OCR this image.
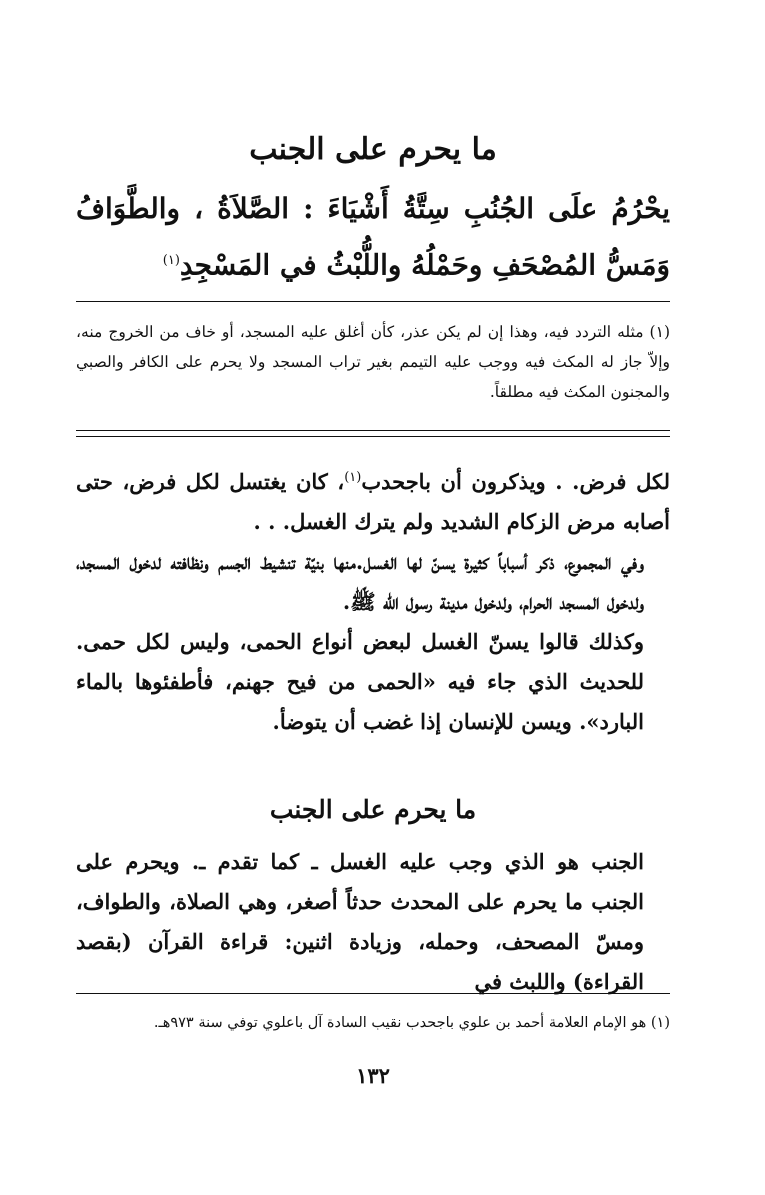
ما يحرم على الجنب
يحْرُمُ علَى الجُنُبِ سِتَّةُ أَشْيَاءَ : الصَّلاَةُ ، والطَّوَافُ وَمَسُّ المُصْحَفِ وحَمْلُهُ واللُّبْثُ في المَسْجِدِ$^{(١)}$
(١) مثله التردد فيه، وهذا إن لم يكن عذر، كأن أغلق عليه المسجد، أو خاف من الخروج منه، وإلاّ جاز له المكث فيه ووجب عليه التيمم بغير تراب المسجد ولا يحرم على الكافر والصبي والمجنون المكث فيه مطلقاً.

لكل فرض. . ويذكرون أن باجحدب$^{(١)}$، كان يغتسل لكل فرض، حتى أصابه مرض الزكام الشديد ولم يترك الغسل. . .

وفي المجموع، ذكر أسباباً كثيرة يسنّ لها الغسل.منها بنيّة تنشيط الجسم ونظافته لدخول المسجد، ولدخول المسجد الحرام، ولدخول مدينة رسول الله ﷺ.

وكذلك قالوا يسنّ الغسل لبعض أنواع الحمى، وليس لكل حمى. للحديث الذي جاء فيه «الحمى من فيح جهنم، فأطفئوها بالماء البارد». ويسن للإنسان إذا غضب أن يتوضأ.

ما يحرم على الجنب

الجنب هو الذي وجب عليه الغسل ـ كما تقدم ـ. ويحرم على الجنب ما يحرم على المحدث حدثاً أصغر، وهي الصلاة، والطواف، ومسّ المصحف، وحمله، وزيادة اثنين: قراءة القرآن (بقصد القراءة) واللبث في

(١) هو الإمام العلامة أحمد بن علوي باجحدب نقيب السادة آل باعلوي توفي سنة ٩٧٣هـ.
١٣٢
